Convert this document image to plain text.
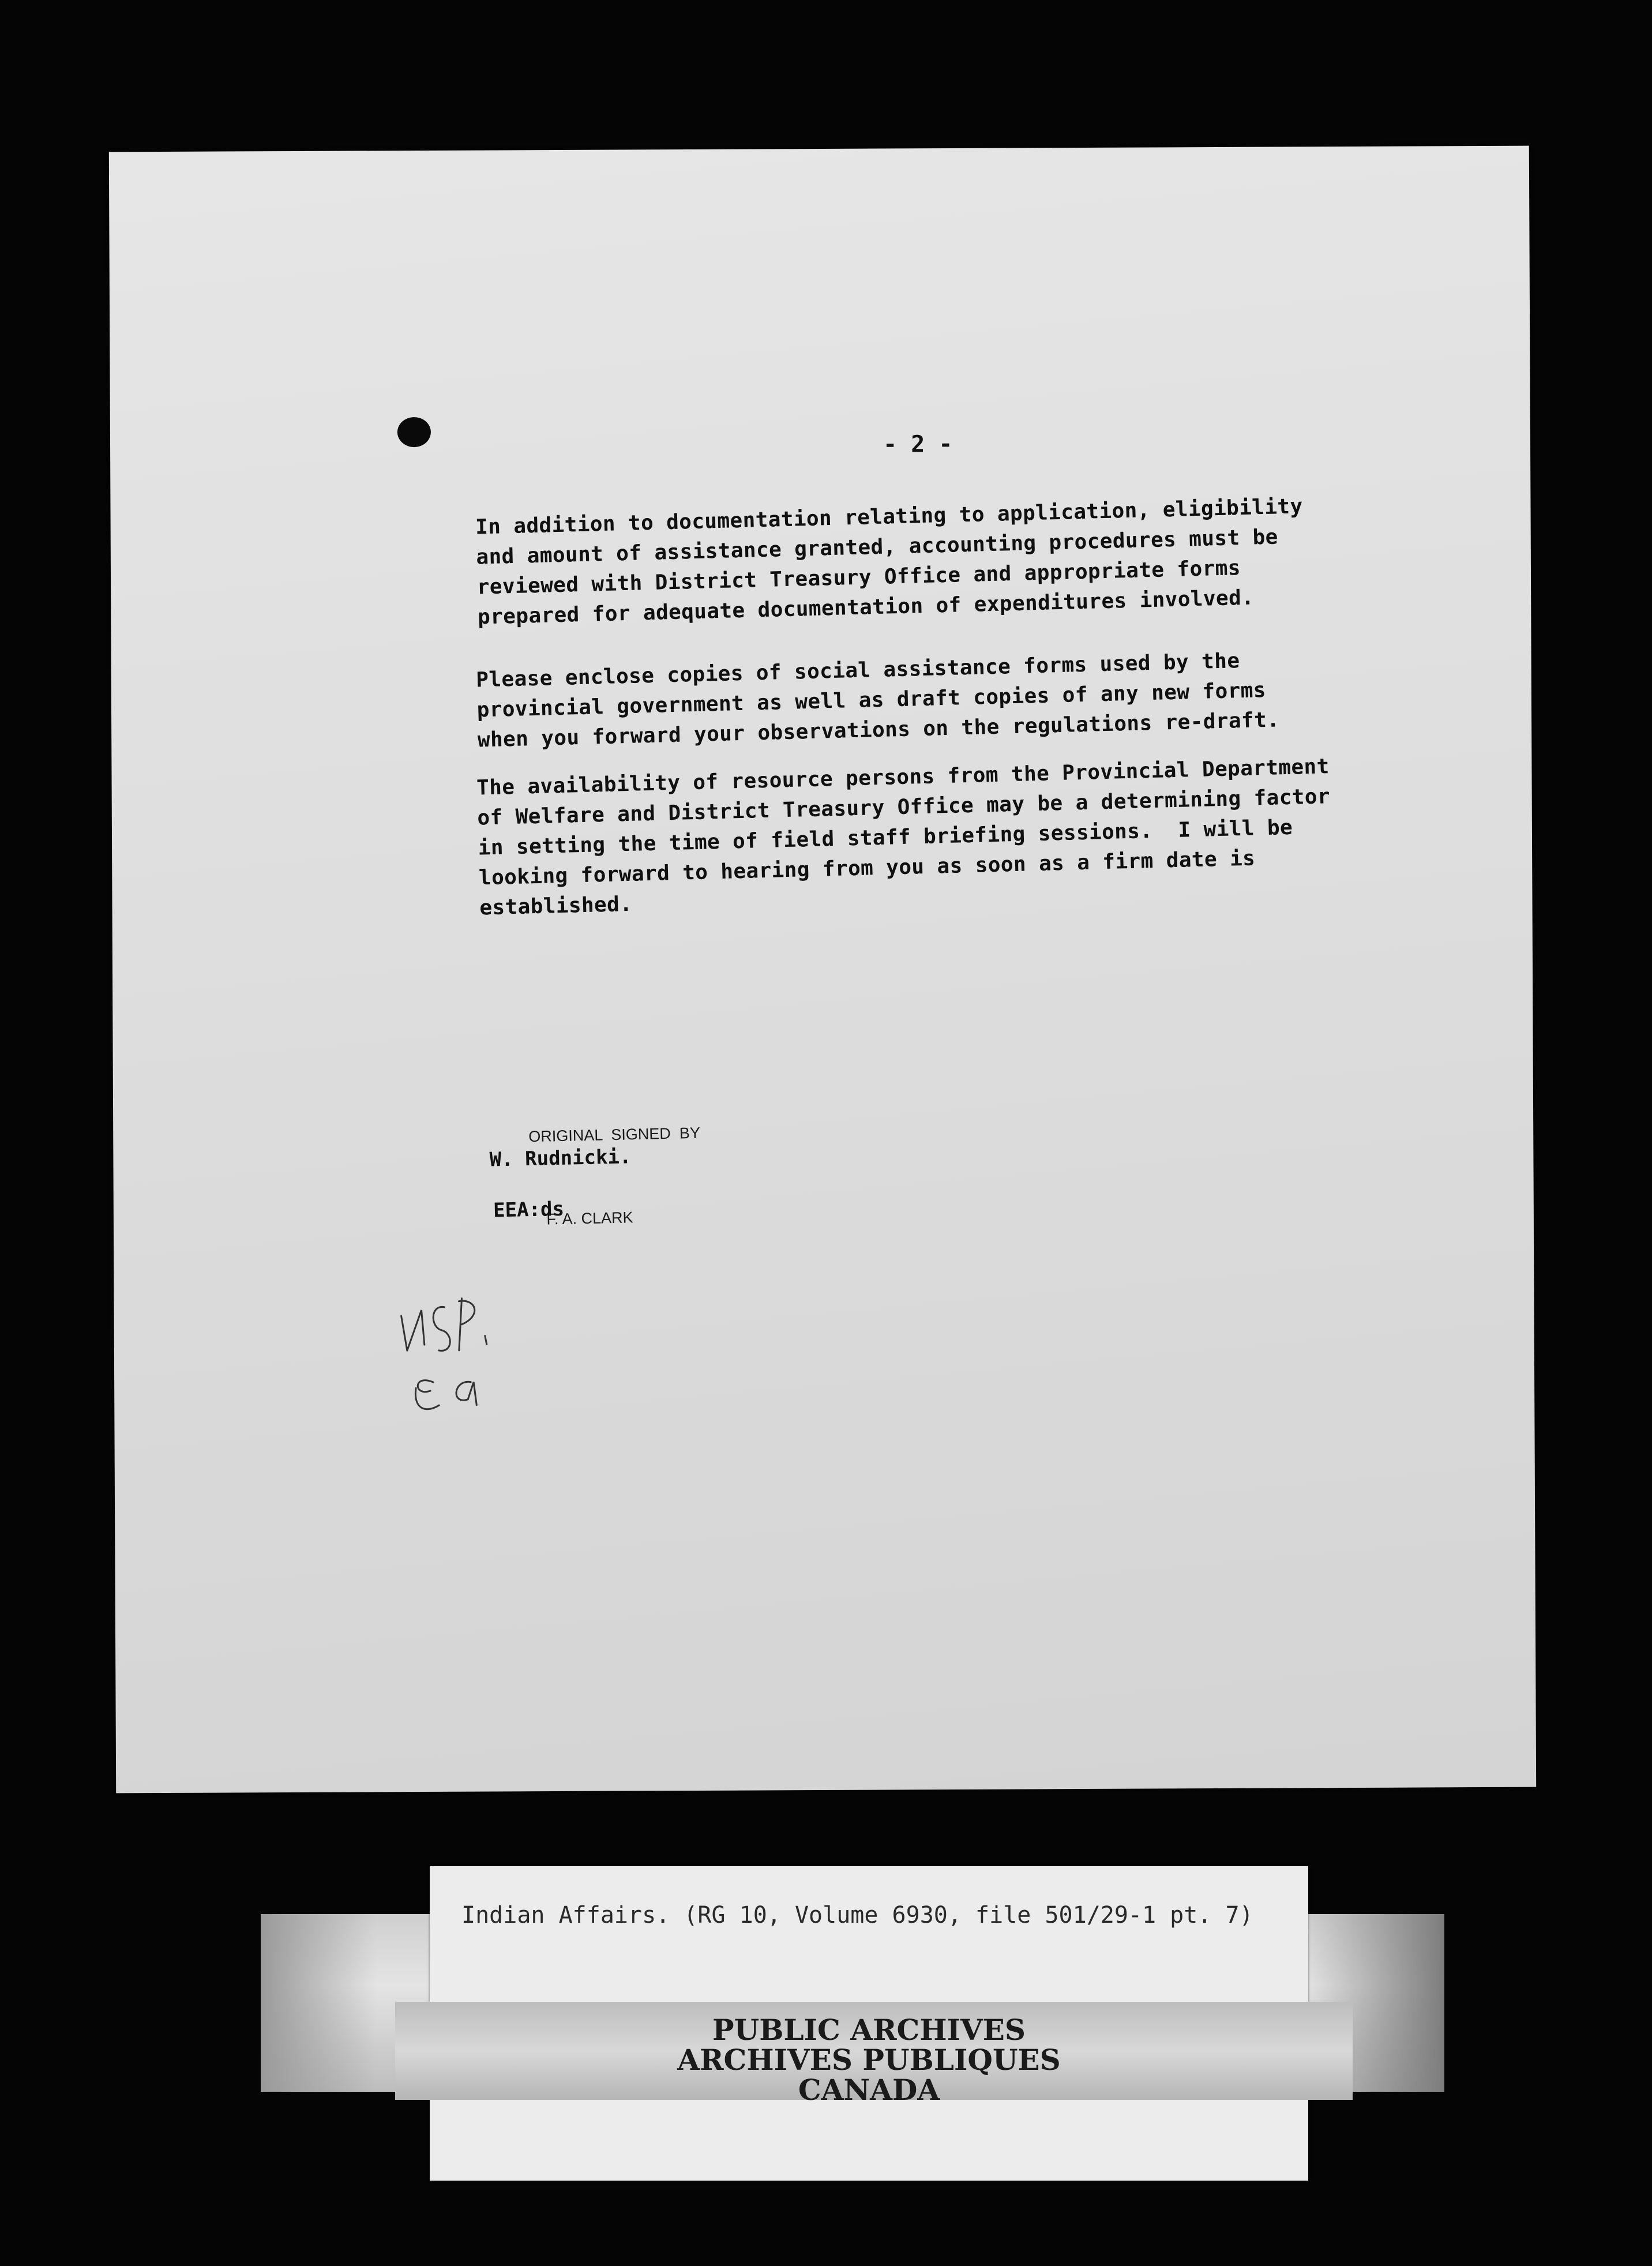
- 2 -
In addition to documentation relating to application, eligibility
and amount of assistance granted, accounting procedures must be
reviewed with District Treasury Office and appropriate forms
prepared for adequate documentation of expenditures involved.
Please enclose copies of social assistance forms used by the
provincial government as well as draft copies of any new forms
when you forward your observations on the regulations re-draft.
The availability of resource persons from the Provincial Department
of Welfare and District Treasury Office may be a determining factor
in setting the time of field staff briefing sessions.  I will be
looking forward to hearing from you as soon as a firm date is
established.

ORIGINAL  SIGNED  BY

F. A. CLARK

W. Rudnicki.
EEA:ds
Indian Affairs. (RG 10, Volume 6930, file 501/29-1 pt. 7)
PUBLIC ARCHIVES
ARCHIVES PUBLIQUES
CANADA
